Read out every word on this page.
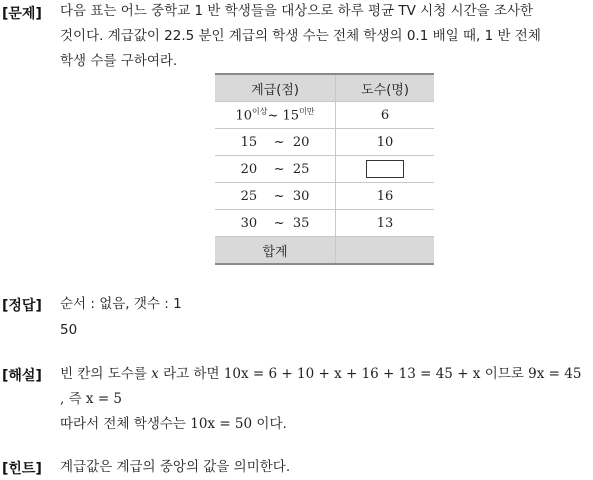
[문제] 다음 표는 어느 중학교 1 반 학생들을 대상으로 하루 평균 TV 시청 시간을 조사한
것이다. 계급값이 22.5 분인 계급의 학생 수는 전체 학생의 0.1 배일 때, 1 반 전체
학생 수를 구하여라.
계급(점)	도수(명)
$10^{이상}\sim$ $15^{미만}$	6
15 ~ 20	10
20 ~ 25	
25 ~ 30	16
30 ~ 35	13
합계	
[정답] 순서 : 없음, 갯수 : 1
50
[해설] 빈 칸의 도수를 x 라고 하면 10x = 6 + 10 + x + 16 + 13 = 45 + x 이므로 9x = 45
, 즉 x = 5
따라서 전체 학생수는 10x = 50 이다.
[힌트] 계급값은 계급의 중앙의 값을 의미한다.
